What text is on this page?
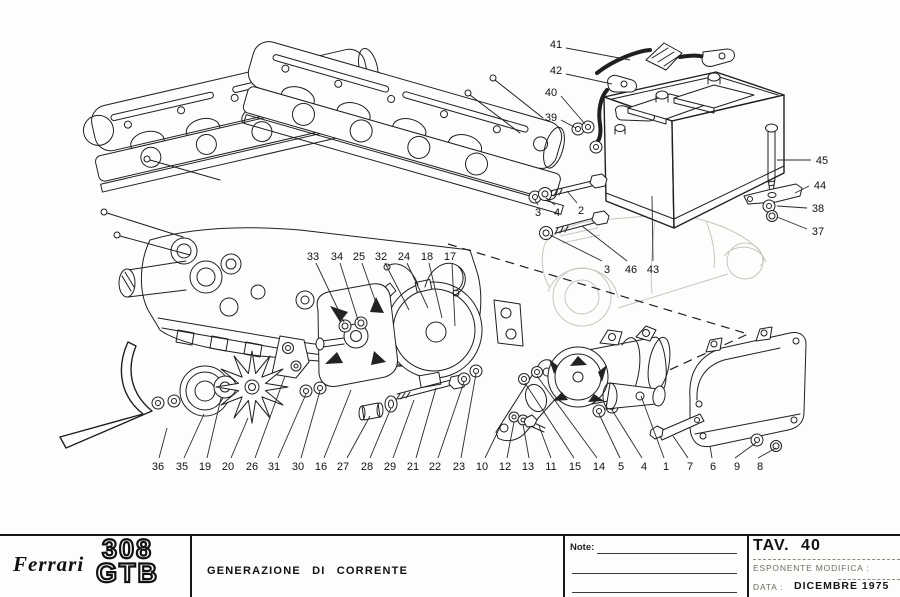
41
42
40
39
45
44
38
37
43
46
3
3 4 2
33 34 25 32 24 18 17
36 35 19 20 26 31 30 16 27 28 29 21 22 23 10 12 13 11 15 14 5 4 1 7 6 9 8
Ferrari 308
GTB	GENERAZIONE DI CORRENTE
Note:	TAV. 40
ESPONENTE MODIFICA :
DATA : DICEMBRE 1975
